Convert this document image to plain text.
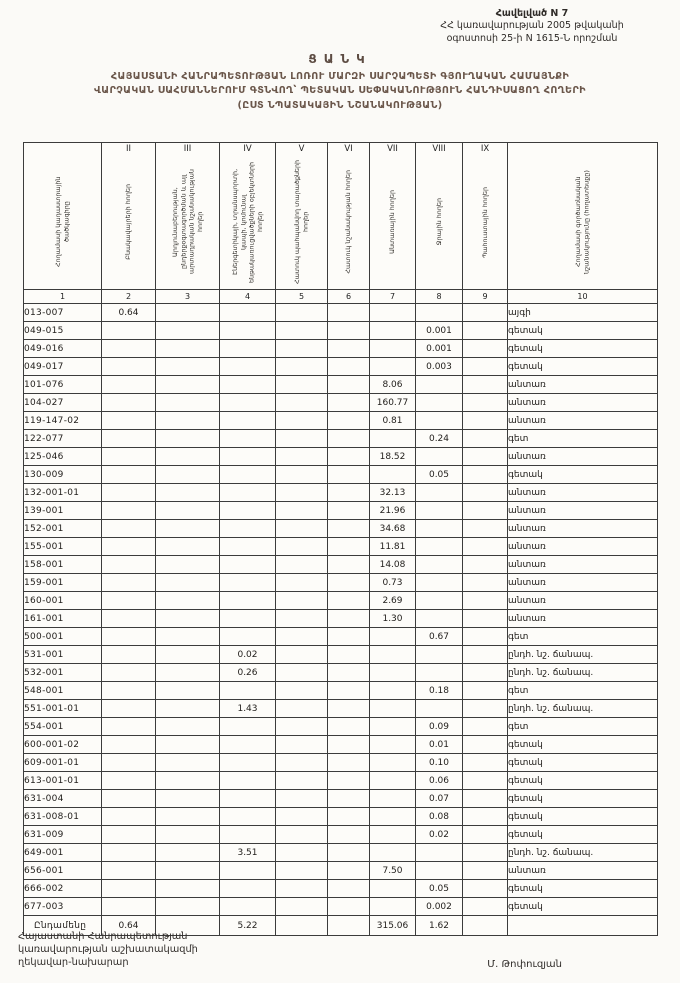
Հավելված N 7
ՀՀ կառավարության 2005 թվականի
օգոստոսի 25-ի N 1615-Ն որոշման
ՑԱՆԿ
ՀԱՅԱՍՏԱՆԻ ՀԱՆՐԱՊԵՏՈՒԹՅԱՆ ԼՈՌՈՒ ՄԱՐԶԻ ՍԱՐՉԱՊԵՏԻ ԳՅՈՒՂԱԿԱՆ ՀԱՄԱՅՆՔԻ
ՎԱՐՉԱԿԱՆ ՍԱՀՄԱՆՆԵՐՈՒՄ ԳՏՆՎՈՂ՝ ՊԵՏԱԿԱՆ ՍԵՓԱԿԱՆՈՒԹՅՈՒՆ ՀԱՆԴԻՍԱՑՈՂ ՀՈՂԵՐԻ
(ԸՍՏ ՆՊԱՏԱԿԱՅԻՆ ՆՇԱՆԱԿՈՒԹՅԱՆ)
Հողամասի կադաստրային ծածկագիրը

II
Բնակավայրերի հողեր

III
Արդյունաբերության, ընդերքօգտագործման և այլ արտադրական նշանակության հողեր

IV
Էներգետիկայի, տրանսպորտի, կապի, կոմունալ ենթակառուցվածքների օբյեկտների հողեր

V
Հատուկ պահպանվող տարածքների հողեր

VI
Հատուկ նշանակության հողեր

VII
Անտառային հողեր

VIII
Ջրային հողեր

IX
Պահուստային հողեր	Հողամասի գործառնական նշանակությունը (հողատեսքը)

1	2	3	4	5	6	7	8	9	10
013-007	0.64								այգի
049-015							0.001		գետակ
049-016							0.001		գետակ
049-017							0.003		գետակ
101-076						8.06			անտառ
104-027						160.77			անտառ
119-147-02						0.81			անտառ
122-077							0.24		գետ
125-046						18.52			անտառ
130-009							0.05		գետակ
132-001-01						32.13			անտառ
139-001						21.96			անտառ
152-001						34.68			անտառ
155-001						11.81			անտառ
158-001						14.08			անտառ
159-001						0.73			անտառ
160-001						2.69			անտառ
161-001						1.30			անտառ
500-001							0.67		գետ
531-001			0.02						ընդհ. նշ. ճանապ.
532-001			0.26						ընդհ. նշ. ճանապ.
548-001							0.18		գետ
551-001-01			1.43						ընդհ. նշ. ճանապ.
554-001							0.09		գետ
600-001-02							0.01		գետակ
609-001-01							0.10		գետակ
613-001-01							0.06		գետակ
631-004							0.07		գետակ
631-008-01							0.08		գետակ
631-009							0.02		գետակ
649-001			3.51						ընդհ. նշ. ճանապ.
656-001						7.50			անտառ
666-002							0.05		գետակ
677-003							0.002		գետակ
Ընդամենը	0.64		5.22			315.06	1.62		
Հայաստանի Հանրապետության
կառավարության աշխատակազմի
ղեկավար-նախարար	Մ. Թոփուզյան
